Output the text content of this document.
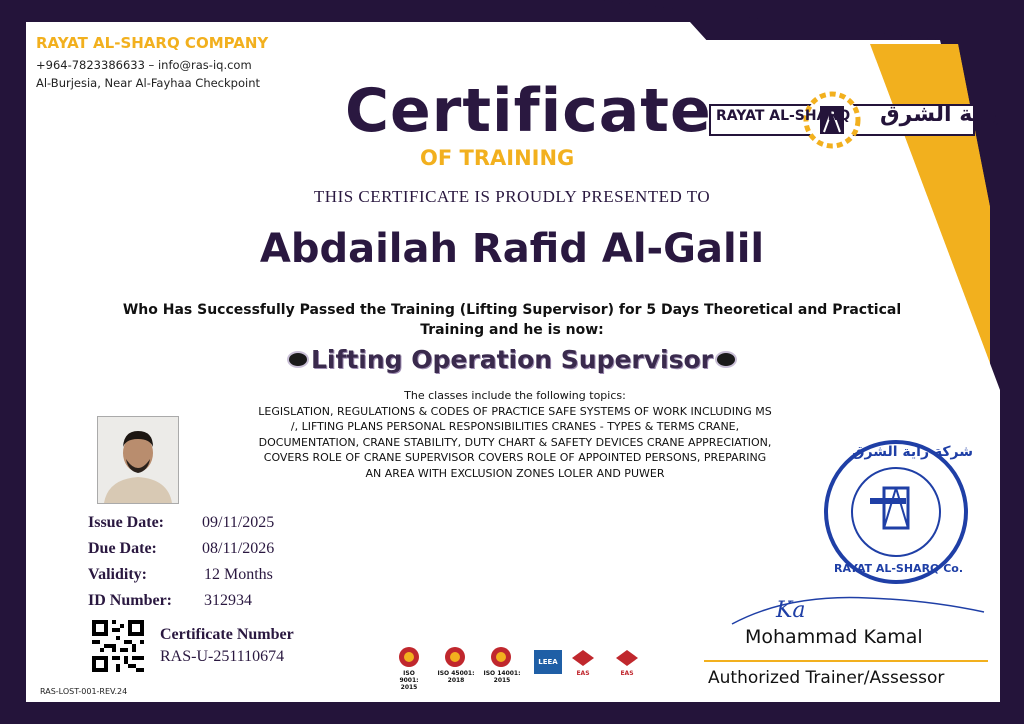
RAYAT AL-SHARQ COMPANY
+964-7823386633 – info@ras-iq.com
Al-Burjesia, Near Al-Fayhaa Checkpoint
RAYAT AL-SHARQ راية الشرق
Certificate
OF TRAINING
THIS CERTIFICATE IS PROUDLY PRESENTED TO
Abdailah Rafid Al-Galil
Who Has Successfully Passed the Training (Lifting Supervisor) for 5 Days Theoretical and Practical Training and he is now:
Lifting Operation Supervisor
The classes include the following topics:
LEGISLATION, REGULATIONS & CODES OF PRACTICE SAFE SYSTEMS OF WORK INCLUDING MS
/, LIFTING PLANS PERSONAL RESPONSIBILITIES CRANES - TYPES & TERMS CRANE,
DOCUMENTATION, CRANE STABILITY, DUTY CHART & SAFETY DEVICES CRANE APPRECIATION,
COVERS ROLE OF CRANE SUPERVISOR COVERS ROLE OF APPOINTED PERSONS, PREPARING
AN AREA WITH EXCLUSION ZONES LOLER AND PUWER
Issue Date: 09/11/2025
Due Date:	08/11/2026
Validity:	12 Months
ID Number: 312934
Certificate Number
RAS-U-251110674
RAS-LOST-001-REV.24
ISO 9001:
2015
ISO 45001:
2018
ISO 14001:
2015
LEEA
EAS	EAS
شركة راية الشرق
RAYAT AL-SHARQ Co.
Ka
Mohammad Kamal
Authorized Trainer/Assessor
